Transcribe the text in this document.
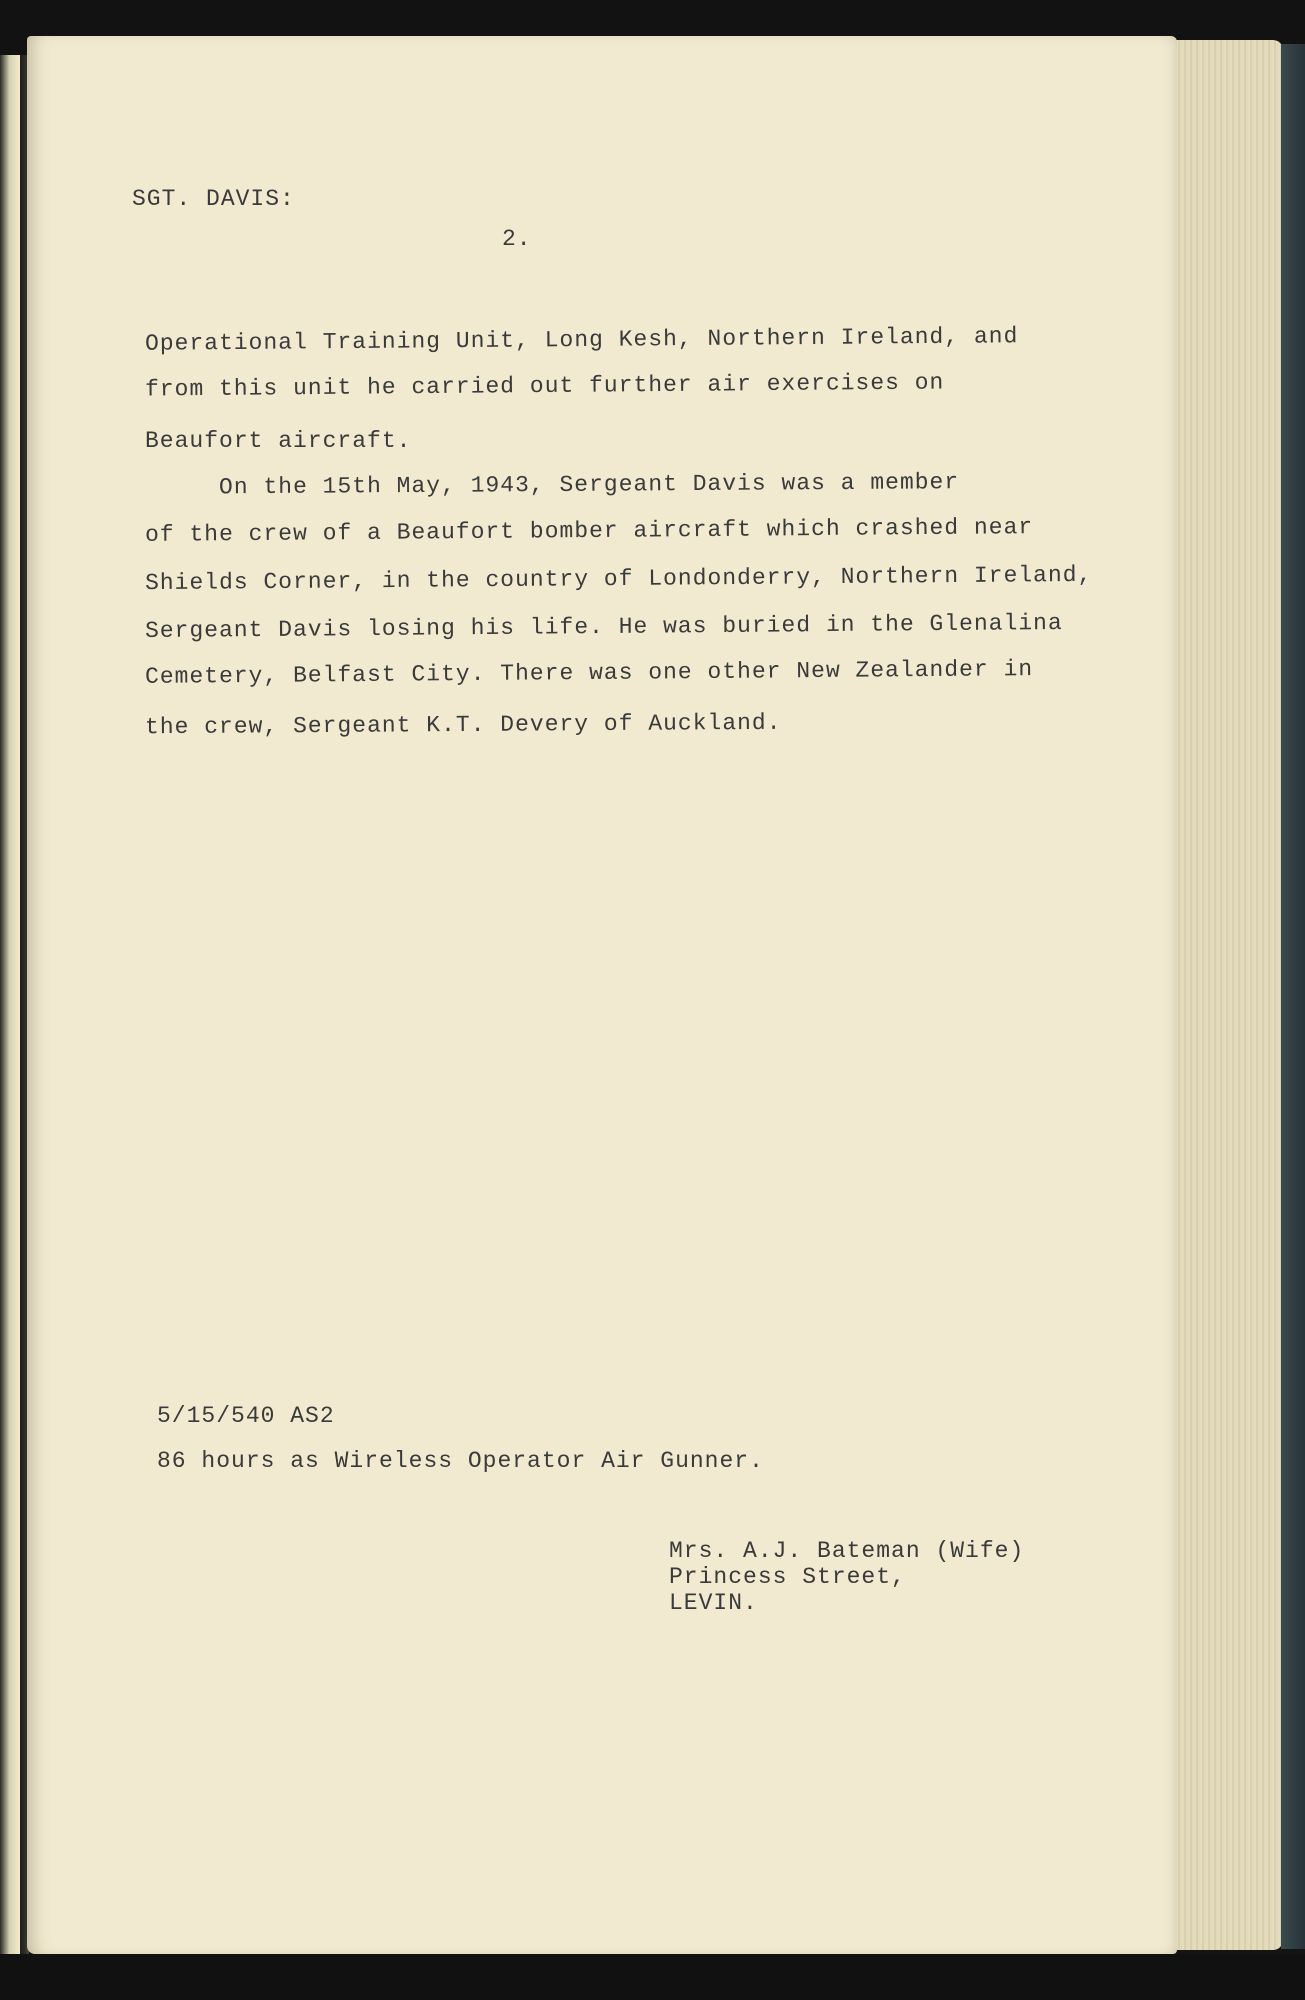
SGT. DAVIS:
2.

Operational Training Unit, Long Kesh, Northern Ireland, and

from this unit he carried out further air exercises on

Beaufort aircraft.

On the 15th May, 1943, Sergeant Davis was a member

of the crew of a Beaufort bomber aircraft which crashed near

Shields Corner, in the country of Londonderry, Northern Ireland,

Sergeant Davis losing his life. He was buried in the Glenalina

Cemetery, Belfast City. There was one other New Zealander in

the crew, Sergeant K.T. Devery of Auckland.

5/15/540 AS2
86 hours as Wireless Operator Air Gunner.
Mrs. A.J. Bateman (Wife)
Princess Street,
LEVIN.
